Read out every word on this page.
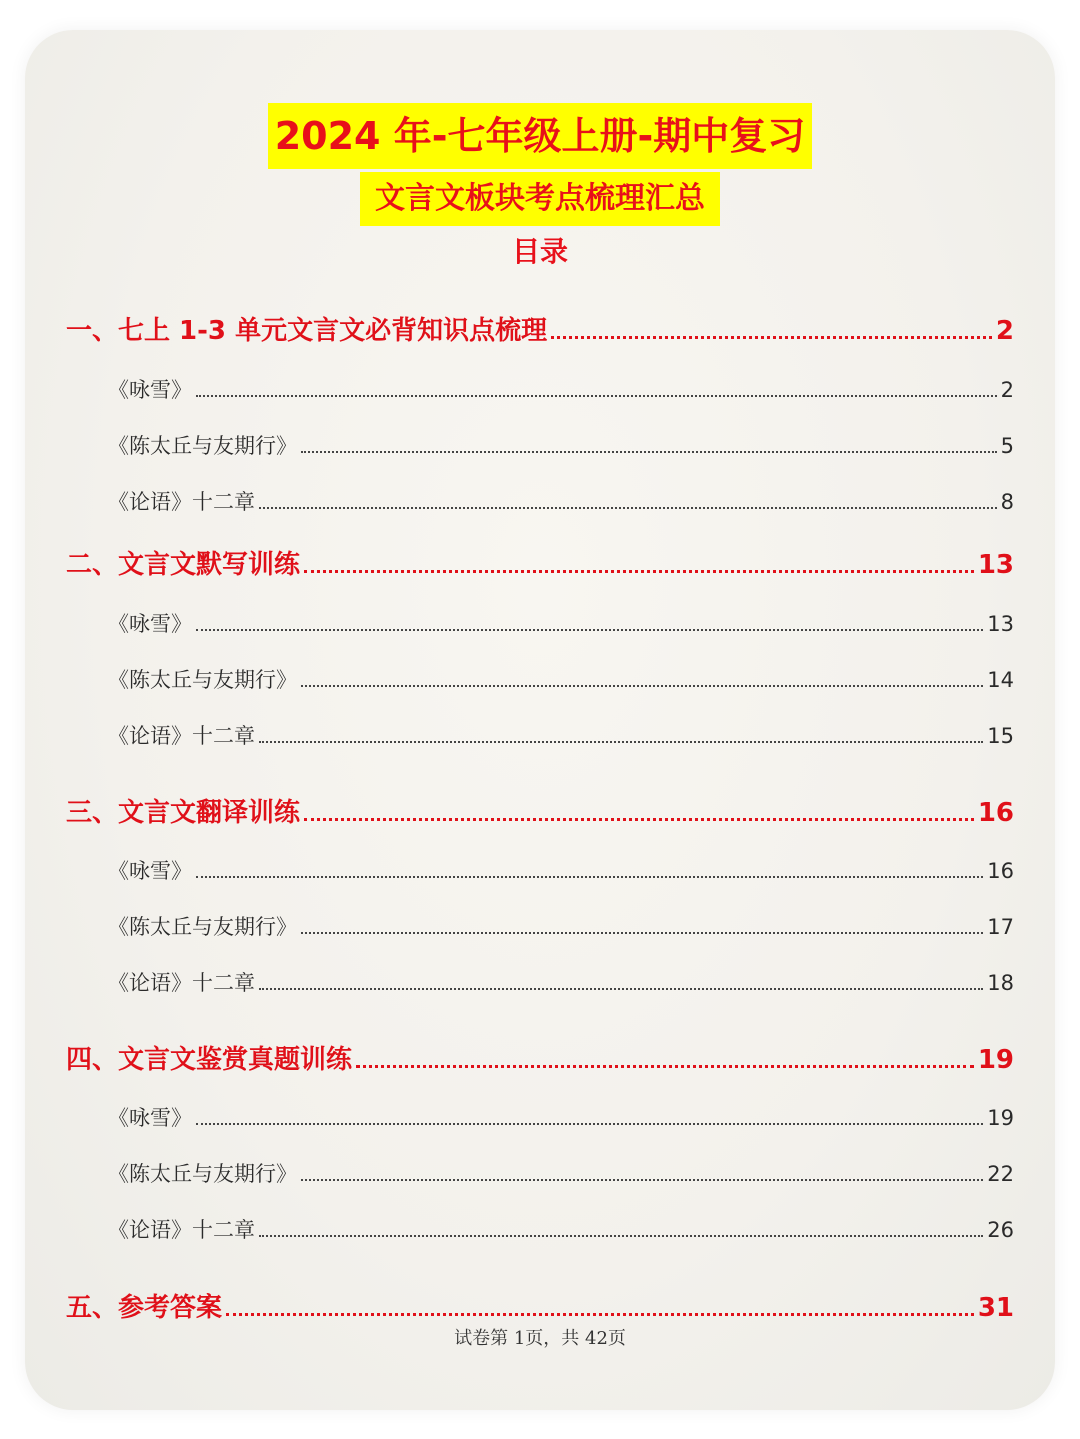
2024 年-七年级上册-期中复习
文言文板块考点梳理汇总
目录
一、七上 1-3 单元文言文必背知识点梳理	2
《咏雪》	2
《陈太丘与友期行》	5
《论语》十二章	8
二、文言文默写训练	13
《咏雪》	13
《陈太丘与友期行》	14
《论语》十二章	15
三、文言文翻译训练	16
《咏雪》	16
《陈太丘与友期行》	17
《论语》十二章	18
四、文言文鉴赏真题训练	19
《咏雪》	19
《陈太丘与友期行》	22
《论语》十二章	26
五、参考答案	31
试卷第 1页，共 42页
